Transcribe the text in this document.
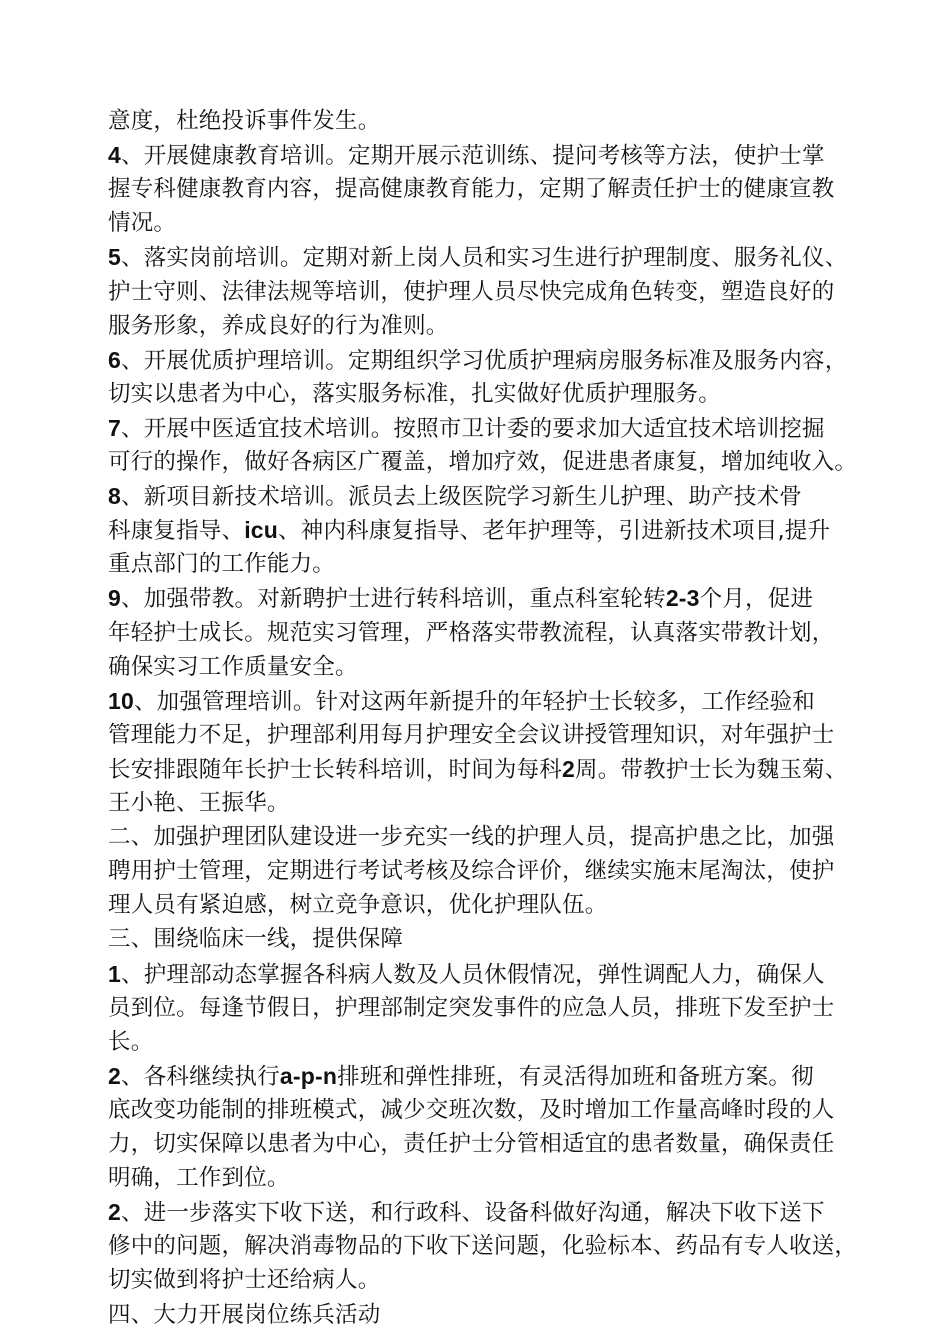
意度，杜绝投诉事件发生。
4、开展健康教育培训。定期开展示范训练、提问考核等方法，使护士掌
握专科健康教育内容，提高健康教育能力，定期了解责任护士的健康宣教
情况。
5、落实岗前培训。定期对新上岗人员和实习生进行护理制度、服务礼仪、
护士守则、法律法规等培训，使护理人员尽快完成角色转变，塑造良好的
服务形象，养成良好的行为准则。
6、开展优质护理培训。定期组织学习优质护理病房服务标准及服务内容，
切实以患者为中心，落实服务标准，扎实做好优质护理服务。
7、开展中医适宜技术培训。按照市卫计委的要求加大适宜技术培训挖掘
可行的操作，做好各病区广覆盖，增加疗效，促进患者康复，增加纯收入。
8、新项目新技术培训。派员去上级医院学习新生儿护理、助产技术骨
科康复指导、icu、神内科康复指导、老年护理等，引进新技术项目,提升
重点部门的工作能力。
9、加强带教。对新聘护士进行转科培训，重点科室轮转2-3个月，促进
年轻护士成长。规范实习管理，严格落实带教流程，认真落实带教计划，
确保实习工作质量安全。
10、加强管理培训。针对这两年新提升的年轻护士长较多，工作经验和
管理能力不足，护理部利用每月护理安全会议讲授管理知识，对年强护士
长安排跟随年长护士长转科培训，时间为每科2周。带教护士长为魏玉菊、
王小艳、王振华。
二、加强护理团队建设进一步充实一线的护理人员，提高护患之比，加强
聘用护士管理，定期进行考试考核及综合评价，继续实施末尾淘汰，使护
理人员有紧迫感，树立竞争意识，优化护理队伍。
三、围绕临床一线，提供保障
1、护理部动态掌握各科病人数及人员休假情况，弹性调配人力，确保人
员到位。每逢节假日，护理部制定突发事件的应急人员，排班下发至护士
长。
2、各科继续执行a-p-n排班和弹性排班，有灵活得加班和备班方案。彻
底改变功能制的排班模式，减少交班次数，及时增加工作量高峰时段的人
力，切实保障以患者为中心，责任护士分管相适宜的患者数量，确保责任
明确，工作到位。
2、进一步落实下收下送，和行政科、设备科做好沟通，解决下收下送下
修中的问题，解决消毒物品的下收下送问题，化验标本、药品有专人收送，
切实做到将护士还给病人。
四、大力开展岗位练兵活动
